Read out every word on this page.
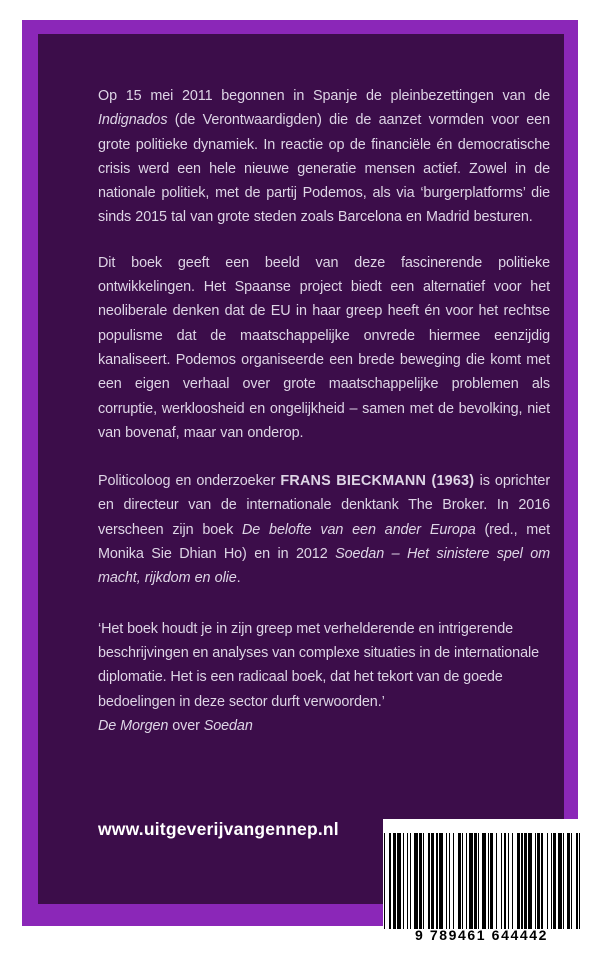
Op 15 mei 2011 begonnen in Spanje de pleinbezettingen van de Indignados (de Verontwaardigden) die de aanzet vormden voor een grote politieke dynamiek. In reactie op de financiële én democratische crisis werd een hele nieuwe generatie mensen actief. Zowel in de nationale politiek, met de partij Podemos, als via ‘burgerplatforms’ die sinds 2015 tal van grote steden zoals Barcelona en Madrid besturen.

Dit boek geeft een beeld van deze fascinerende politieke ontwikkelingen. Het Spaanse project biedt een alternatief voor het neoliberale denken dat de EU in haar greep heeft én voor het rechtse populisme dat de maatschappelijke onvrede hiermee eenzijdig kanaliseert. Podemos organiseerde een brede beweging die komt met een eigen verhaal over grote maatschappelijke problemen als corruptie, werkloosheid en ongelijkheid – samen met de bevolking, niet van bovenaf, maar van onderop.

Politicoloog en onderzoeker FRANS BIECKMANN (1963) is oprichter en directeur van de internationale denktank The Broker. In 2016 verscheen zijn boek De belofte van een ander Europa (red., met Monika Sie Dhian Ho) en in 2012 Soedan – Het sinistere spel om macht, rijkdom en olie.

‘Het boek houdt je in zijn greep met verhelderende en intrigerende beschrijvingen en analyses van complexe situaties in de internationale diplomatie. Het is een radicaal boek, dat het tekort van de goede bedoelingen in deze sector durft verwoorden.’

De Morgen over Soedan

www.uitgeverijvangennep.nl
9 789461 644442
